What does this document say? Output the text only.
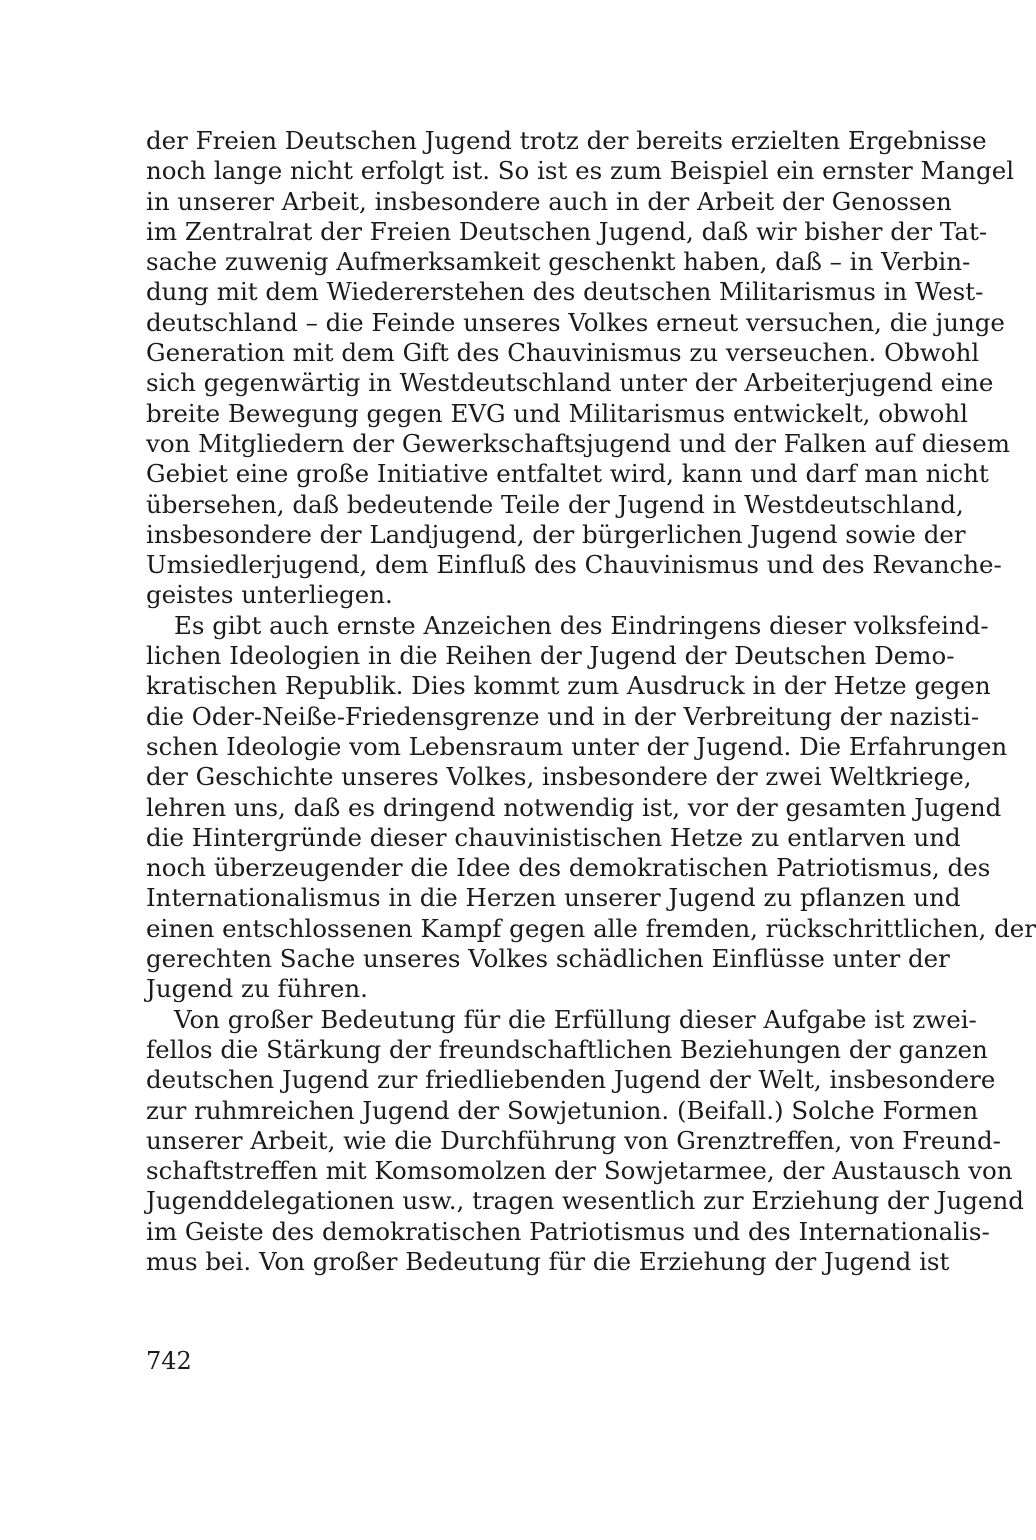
der Freien Deutschen Jugend trotz der bereits erzielten Ergebnisse
noch lange nicht erfolgt ist. So ist es zum Beispiel ein ernster Mangel
in unserer Arbeit, insbesondere auch in der Arbeit der Genossen
im Zentralrat der Freien Deutschen Jugend, daß wir bisher der Tat-
sache zuwenig Aufmerksamkeit geschenkt haben, daß – in Verbin-
dung mit dem Wiedererstehen des deutschen Militarismus in West-
deutschland – die Feinde unseres Volkes erneut versuchen, die junge
Generation mit dem Gift des Chauvinismus zu verseuchen. Obwohl
sich gegenwärtig in Westdeutschland unter der Arbeiterjugend eine
breite Bewegung gegen EVG und Militarismus entwickelt, obwohl
von Mitgliedern der Gewerkschaftsjugend und der Falken auf diesem
Gebiet eine große Initiative entfaltet wird, kann und darf man nicht
übersehen, daß bedeutende Teile der Jugend in Westdeutschland,
insbesondere der Landjugend, der bürgerlichen Jugend sowie der
Umsiedlerjugend, dem Einfluß des Chauvinismus und des Revanche-
geistes unterliegen.
Es gibt auch ernste Anzeichen des Eindringens dieser volksfeind-
lichen Ideologien in die Reihen der Jugend der Deutschen Demo-
kratischen Republik. Dies kommt zum Ausdruck in der Hetze gegen
die Oder-Neiße-Friedensgrenze und in der Verbreitung der nazisti-
schen Ideologie vom Lebensraum unter der Jugend. Die Erfahrungen
der Geschichte unseres Volkes, insbesondere der zwei Weltkriege,
lehren uns, daß es dringend notwendig ist, vor der gesamten Jugend
die Hintergründe dieser chauvinistischen Hetze zu entlarven und
noch überzeugender die Idee des demokratischen Patriotismus, des
Internationalismus in die Herzen unserer Jugend zu pflanzen und
einen entschlossenen Kampf gegen alle fremden, rückschrittlichen, der
gerechten Sache unseres Volkes schädlichen Einflüsse unter der
Jugend zu führen.
Von großer Bedeutung für die Erfüllung dieser Aufgabe ist zwei-
fellos die Stärkung der freundschaftlichen Beziehungen der ganzen
deutschen Jugend zur friedliebenden Jugend der Welt, insbesondere
zur ruhmreichen Jugend der Sowjetunion. (Beifall.) Solche Formen
unserer Arbeit, wie die Durchführung von Grenztreffen, von Freund-
schaftstreffen mit Komsomolzen der Sowjetarmee, der Austausch von
Jugenddelegationen usw., tragen wesentlich zur Erziehung der Jugend
im Geiste des demokratischen Patriotismus und des Internationalis-
mus bei. Von großer Bedeutung für die Erziehung der Jugend ist
742
